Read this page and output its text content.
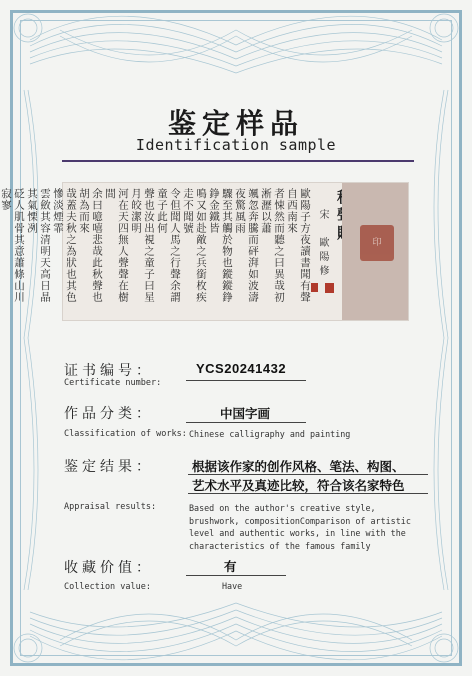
鉴定样品
Identification sample
歐陽子方夜讀書聞有聲自西南來
者悚然而聽之曰異哉初淅瀝以蕭
颯忽奔騰而砰湃如波濤夜驚風雨
驟至其觸於物也鏦鏦錚錚金鐵皆
鳴又如赴敵之兵銜枚疾走不聞號
令但聞人馬之行聲余謂童子此何
聲也汝出視之童子曰星月皎潔明
河在天四無人聲聲在樹間
余曰噫嘻悲哉此秋聲也胡為而來
哉蓋夫秋之為狀也其色慘淡煙霏
雲斂其容清明天高日晶其氣慄冽
砭人肌骨其意蕭條山川寂寥
宋　歐陽修	印
证书编号：
Certificate number:
YCS20241432
作品分类：	中国字画
Classification of works: Chinese calligraphy and painting
鉴定结果：	根据该作家的创作风格、笔法、构图、
艺术水平及真迹比较，符合该名家特色
Appraisal results:	Based on the author's creative style,
brushwork, compositionComparison of artistic
level and authentic works, in line with the
characteristics of the famous family
收藏价值：	有
Collection value:	Have
